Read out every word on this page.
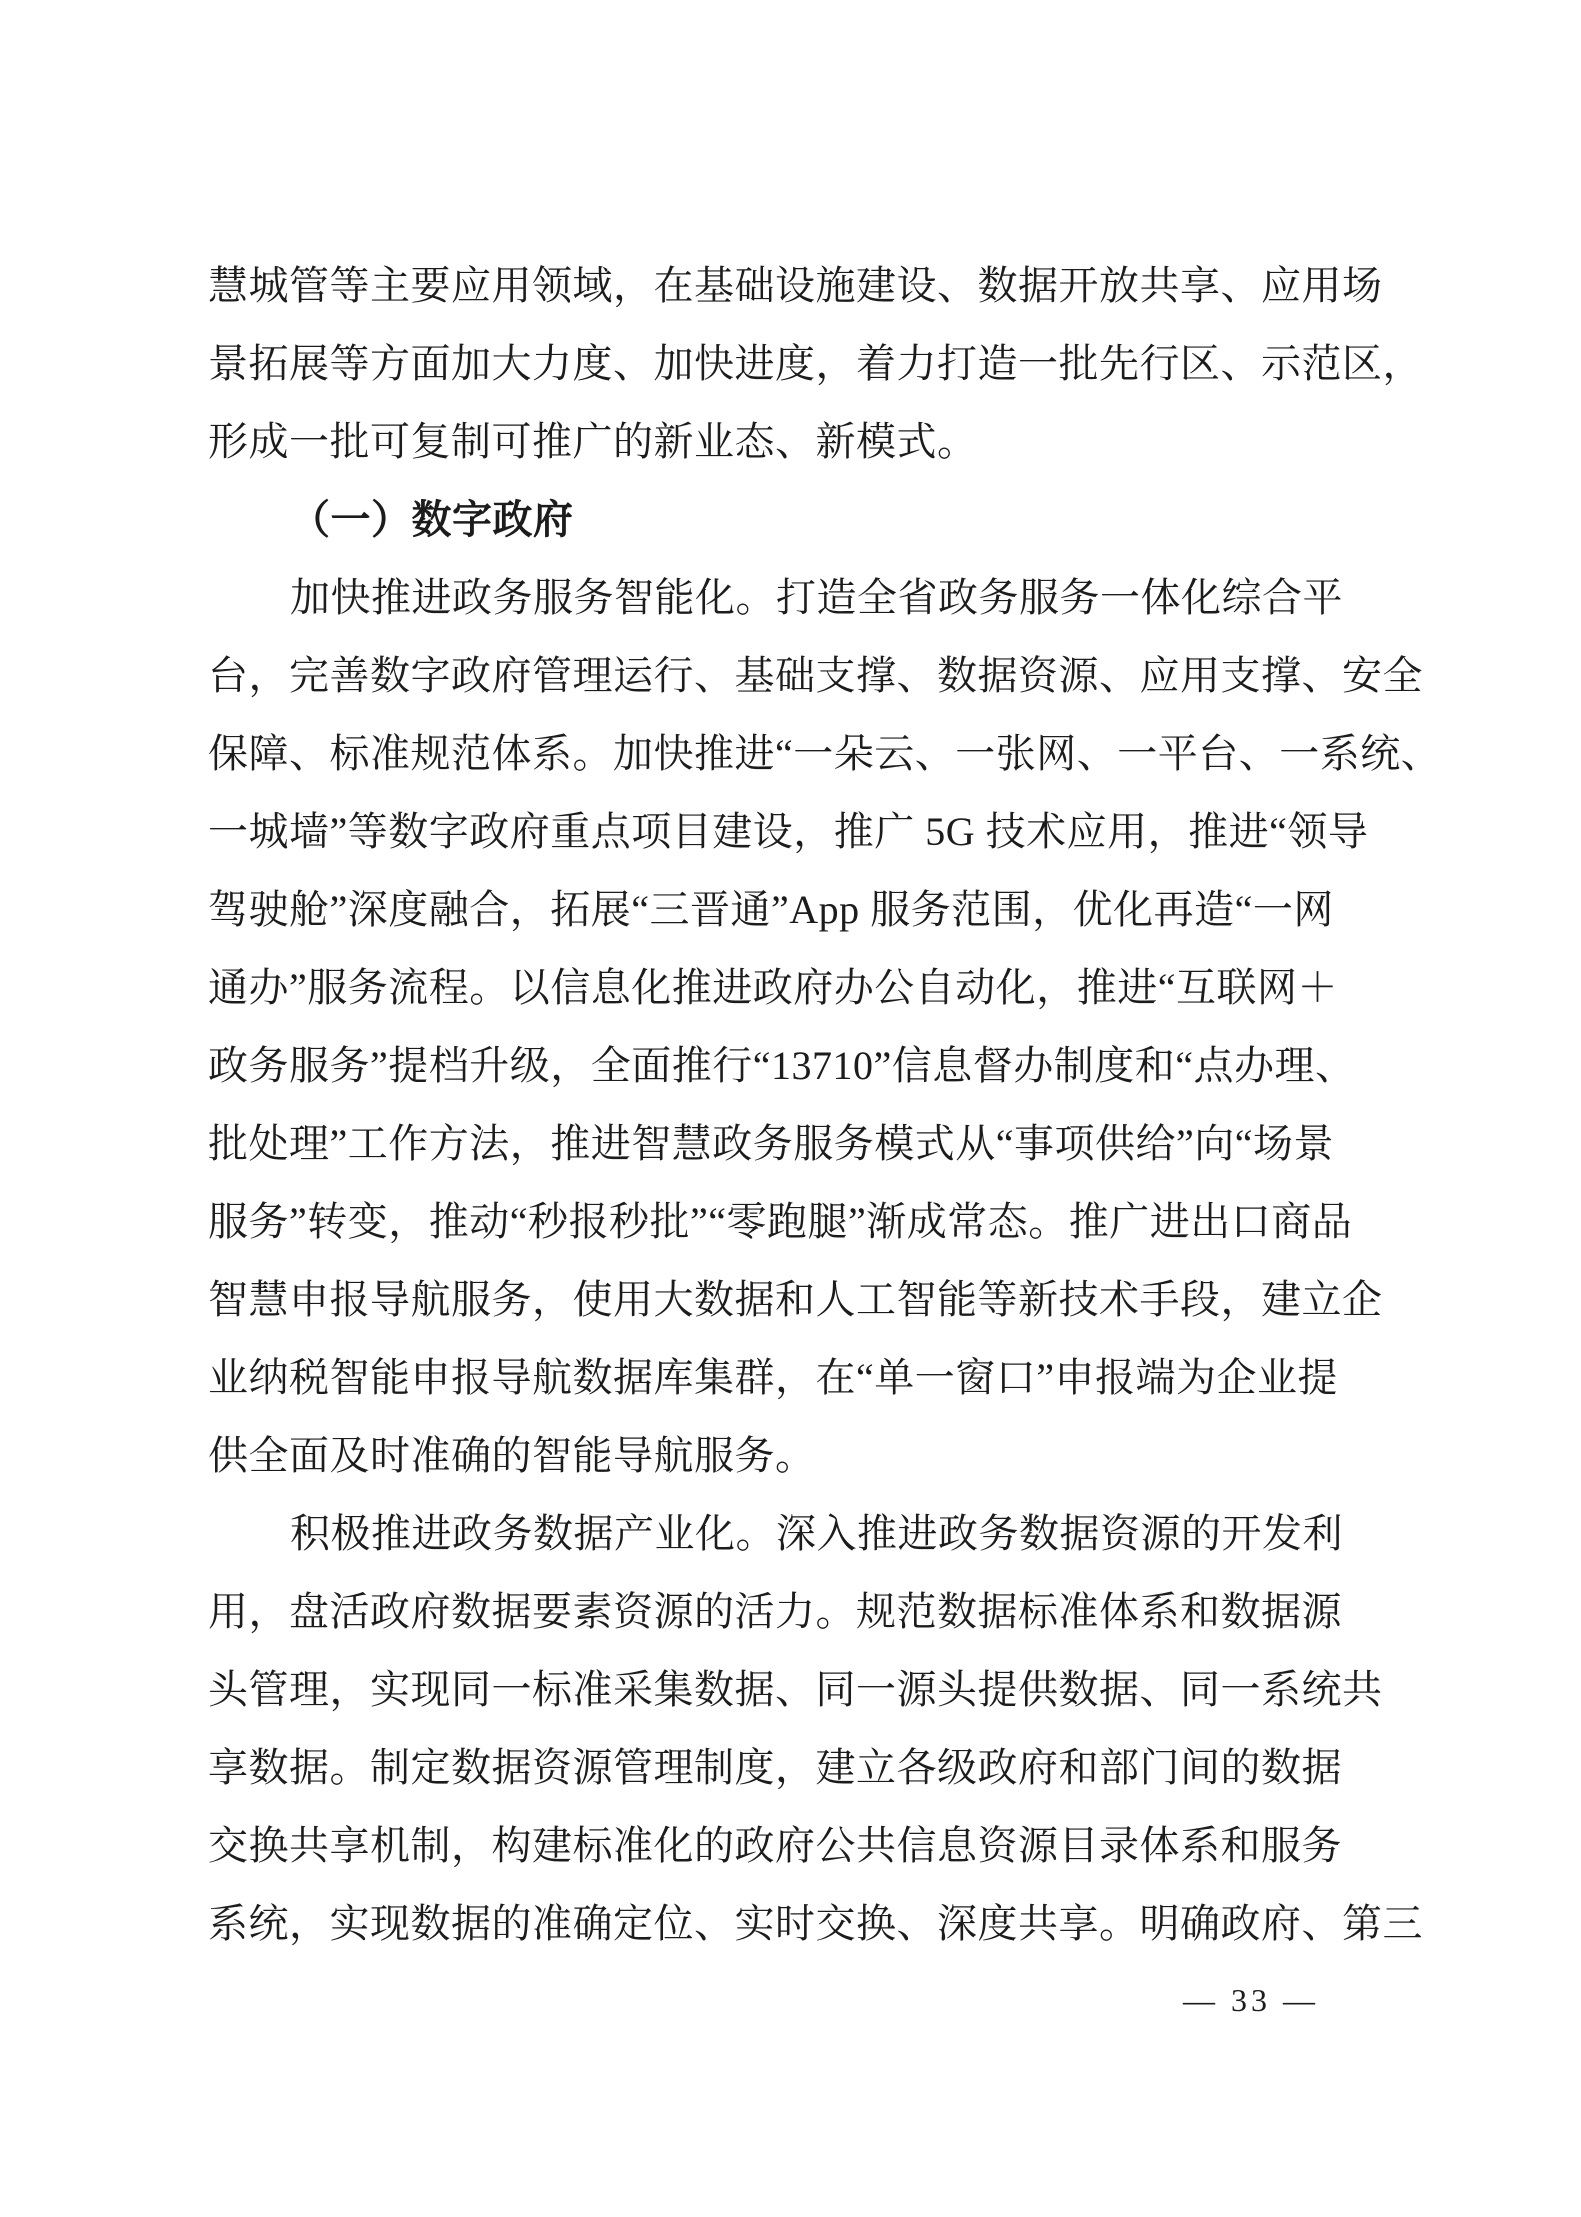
慧城管等主要应用领域，在基础设施建设、数据开放共享、应用场
景拓展等方面加大力度、加快进度，着力打造一批先行区、示范区，
形成一批可复制可推广的新业态、新模式。
（一）数字政府
加快推进政务服务智能化。打造全省政务服务一体化综合平
台，完善数字政府管理运行、基础支撑、数据资源、应用支撑、安全
保障、标准规范体系。加快推进“一朵云、一张网、一平台、一系统、
一城墙”等数字政府重点项目建设，推广 5G 技术应用，推进“领导
驾驶舱”深度融合，拓展“三晋通”App 服务范围，优化再造“一网
通办”服务流程。以信息化推进政府办公自动化，推进“互联网＋
政务服务”提档升级，全面推行“13710”信息督办制度和“点办理、
批处理”工作方法，推进智慧政务服务模式从“事项供给”向“场景
服务”转变，推动“秒报秒批”“零跑腿”渐成常态。推广进出口商品
智慧申报导航服务，使用大数据和人工智能等新技术手段，建立企
业纳税智能申报导航数据库集群，在“单一窗口”申报端为企业提
供全面及时准确的智能导航服务。
积极推进政务数据产业化。深入推进政务数据资源的开发利
用，盘活政府数据要素资源的活力。规范数据标准体系和数据源
头管理，实现同一标准采集数据、同一源头提供数据、同一系统共
享数据。制定数据资源管理制度，建立各级政府和部门间的数据
交换共享机制，构建标准化的政府公共信息资源目录体系和服务
系统，实现数据的准确定位、实时交换、深度共享。明确政府、第三
— 33 —
